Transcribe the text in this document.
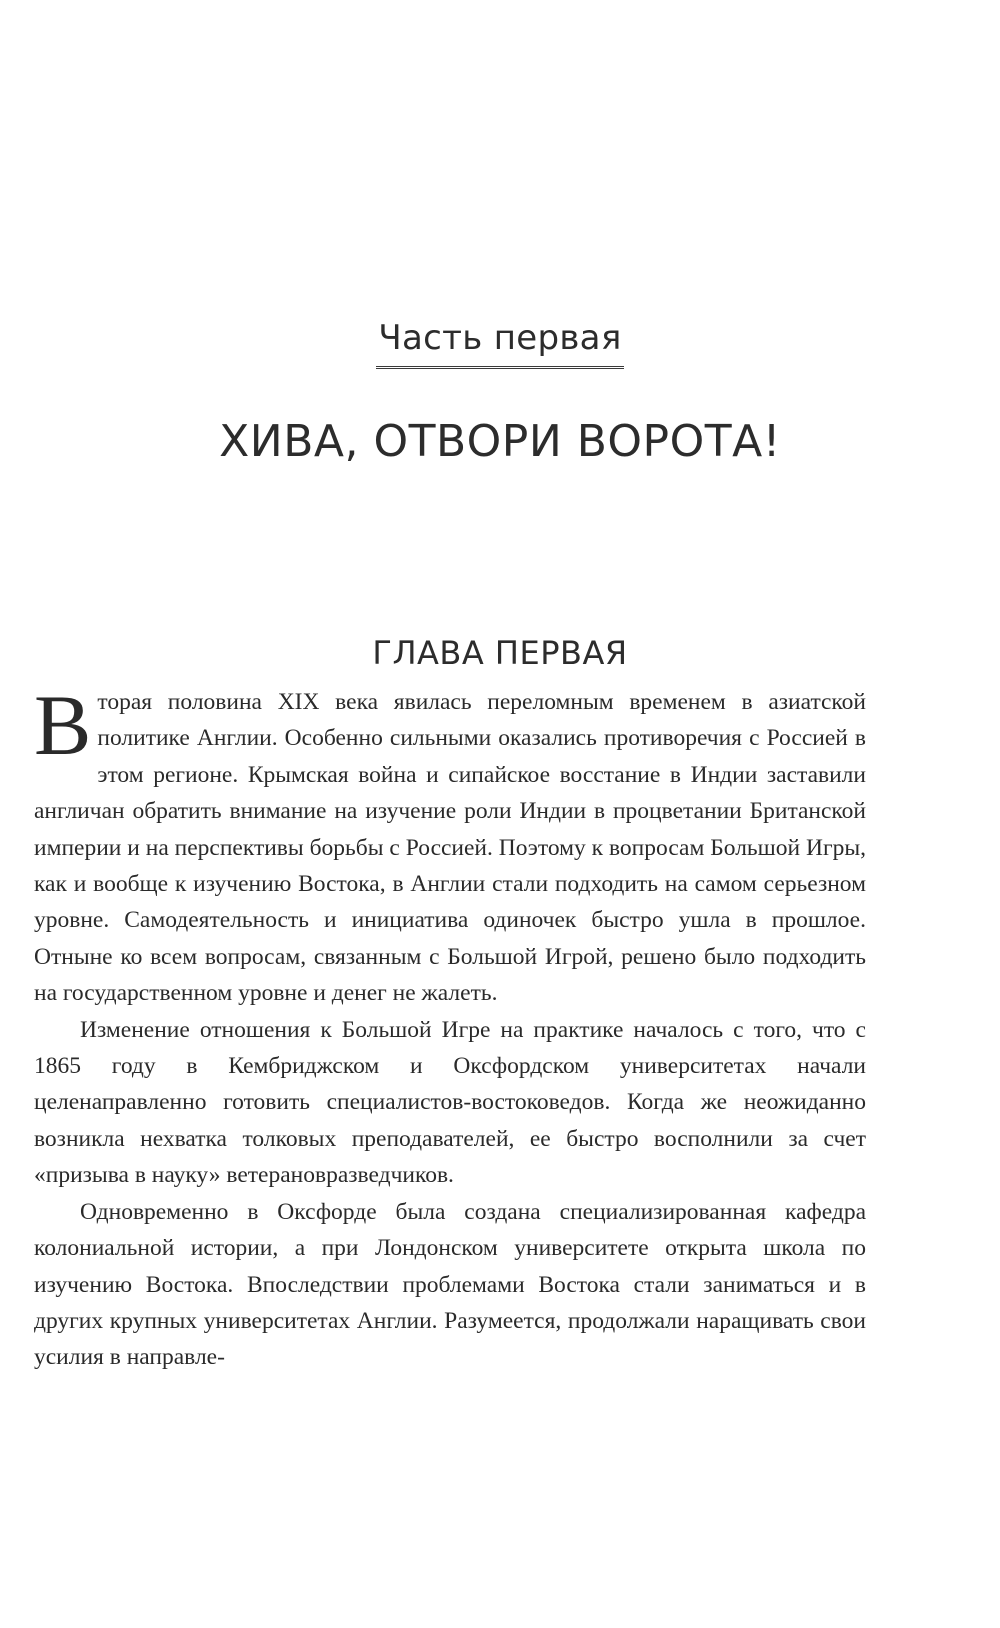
Часть первая
ХИВА, ОТВОРИ ВОРОТА!
ГЛАВА ПЕРВАЯ

Вторая половина XIX века явилась переломным временем в азиатской политике Англии. Особенно сильными оказались противоречия с Россией в этом регионе. Крымская война и сипайское восстание в Индии заставили англичан обратить внимание на изучение роли Индии в процветании Британской империи и на перспективы борьбы с Россией. Поэтому к вопросам Большой Игры, как и вообще к изучению Востока, в Англии стали подходить на самом серьезном уровне. Самодеятельность и инициатива одиночек быстро ушла в прошлое. Отныне ко всем вопросам, связанным с Большой Игрой, решено было подходить на государственном уровне и денег не жалеть.

Изменение отношения к Большой Игре на практике началось с того, что с 1865 году в Кембриджском и Оксфордском университетах начали целенаправленно готовить специалистов-востоковедов. Когда же неожиданно возникла нехватка толковых преподавателей, ее быстро восполнили за счет «призыва в науку» ветерановразведчиков.

Одновременно в Оксфорде была создана специализированная кафедра колониальной истории, а при Лондонском университете открыта школа по изучению Востока. Впоследствии проблемами Востока стали заниматься и в других крупных университетах Англии. Разумеется, продолжали наращивать свои усилия в направле-
